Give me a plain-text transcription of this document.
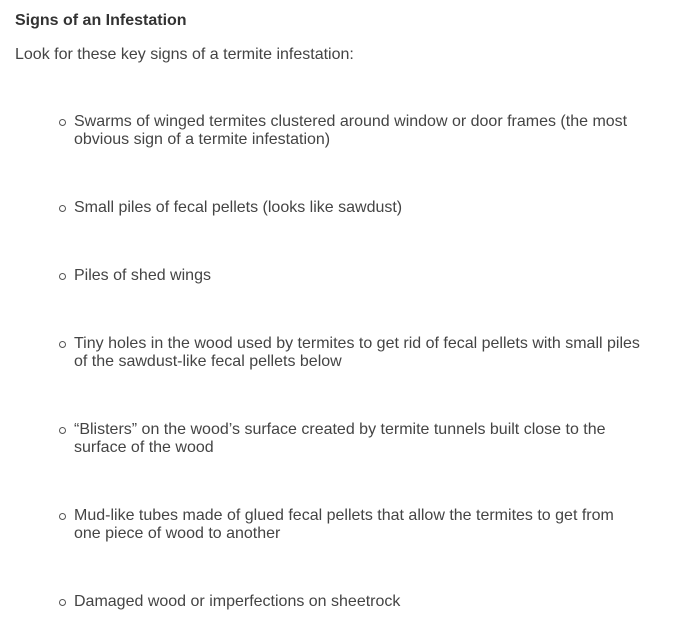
Signs of an Infestation

Look for these key signs of a termite infestation:

Swarms of winged termites clustered around window or door frames (the most obvious sign of a termite infestation)
Small piles of fecal pellets (looks like sawdust)
Piles of shed wings
Tiny holes in the wood used by termites to get rid of fecal pellets with small piles of the sawdust-like fecal pellets below
“Blisters” on the wood’s surface created by termite tunnels built close to the surface of the wood
Mud-like tubes made of glued fecal pellets that allow the termites to get from one piece of wood to another
Damaged wood or imperfections on sheetrock
